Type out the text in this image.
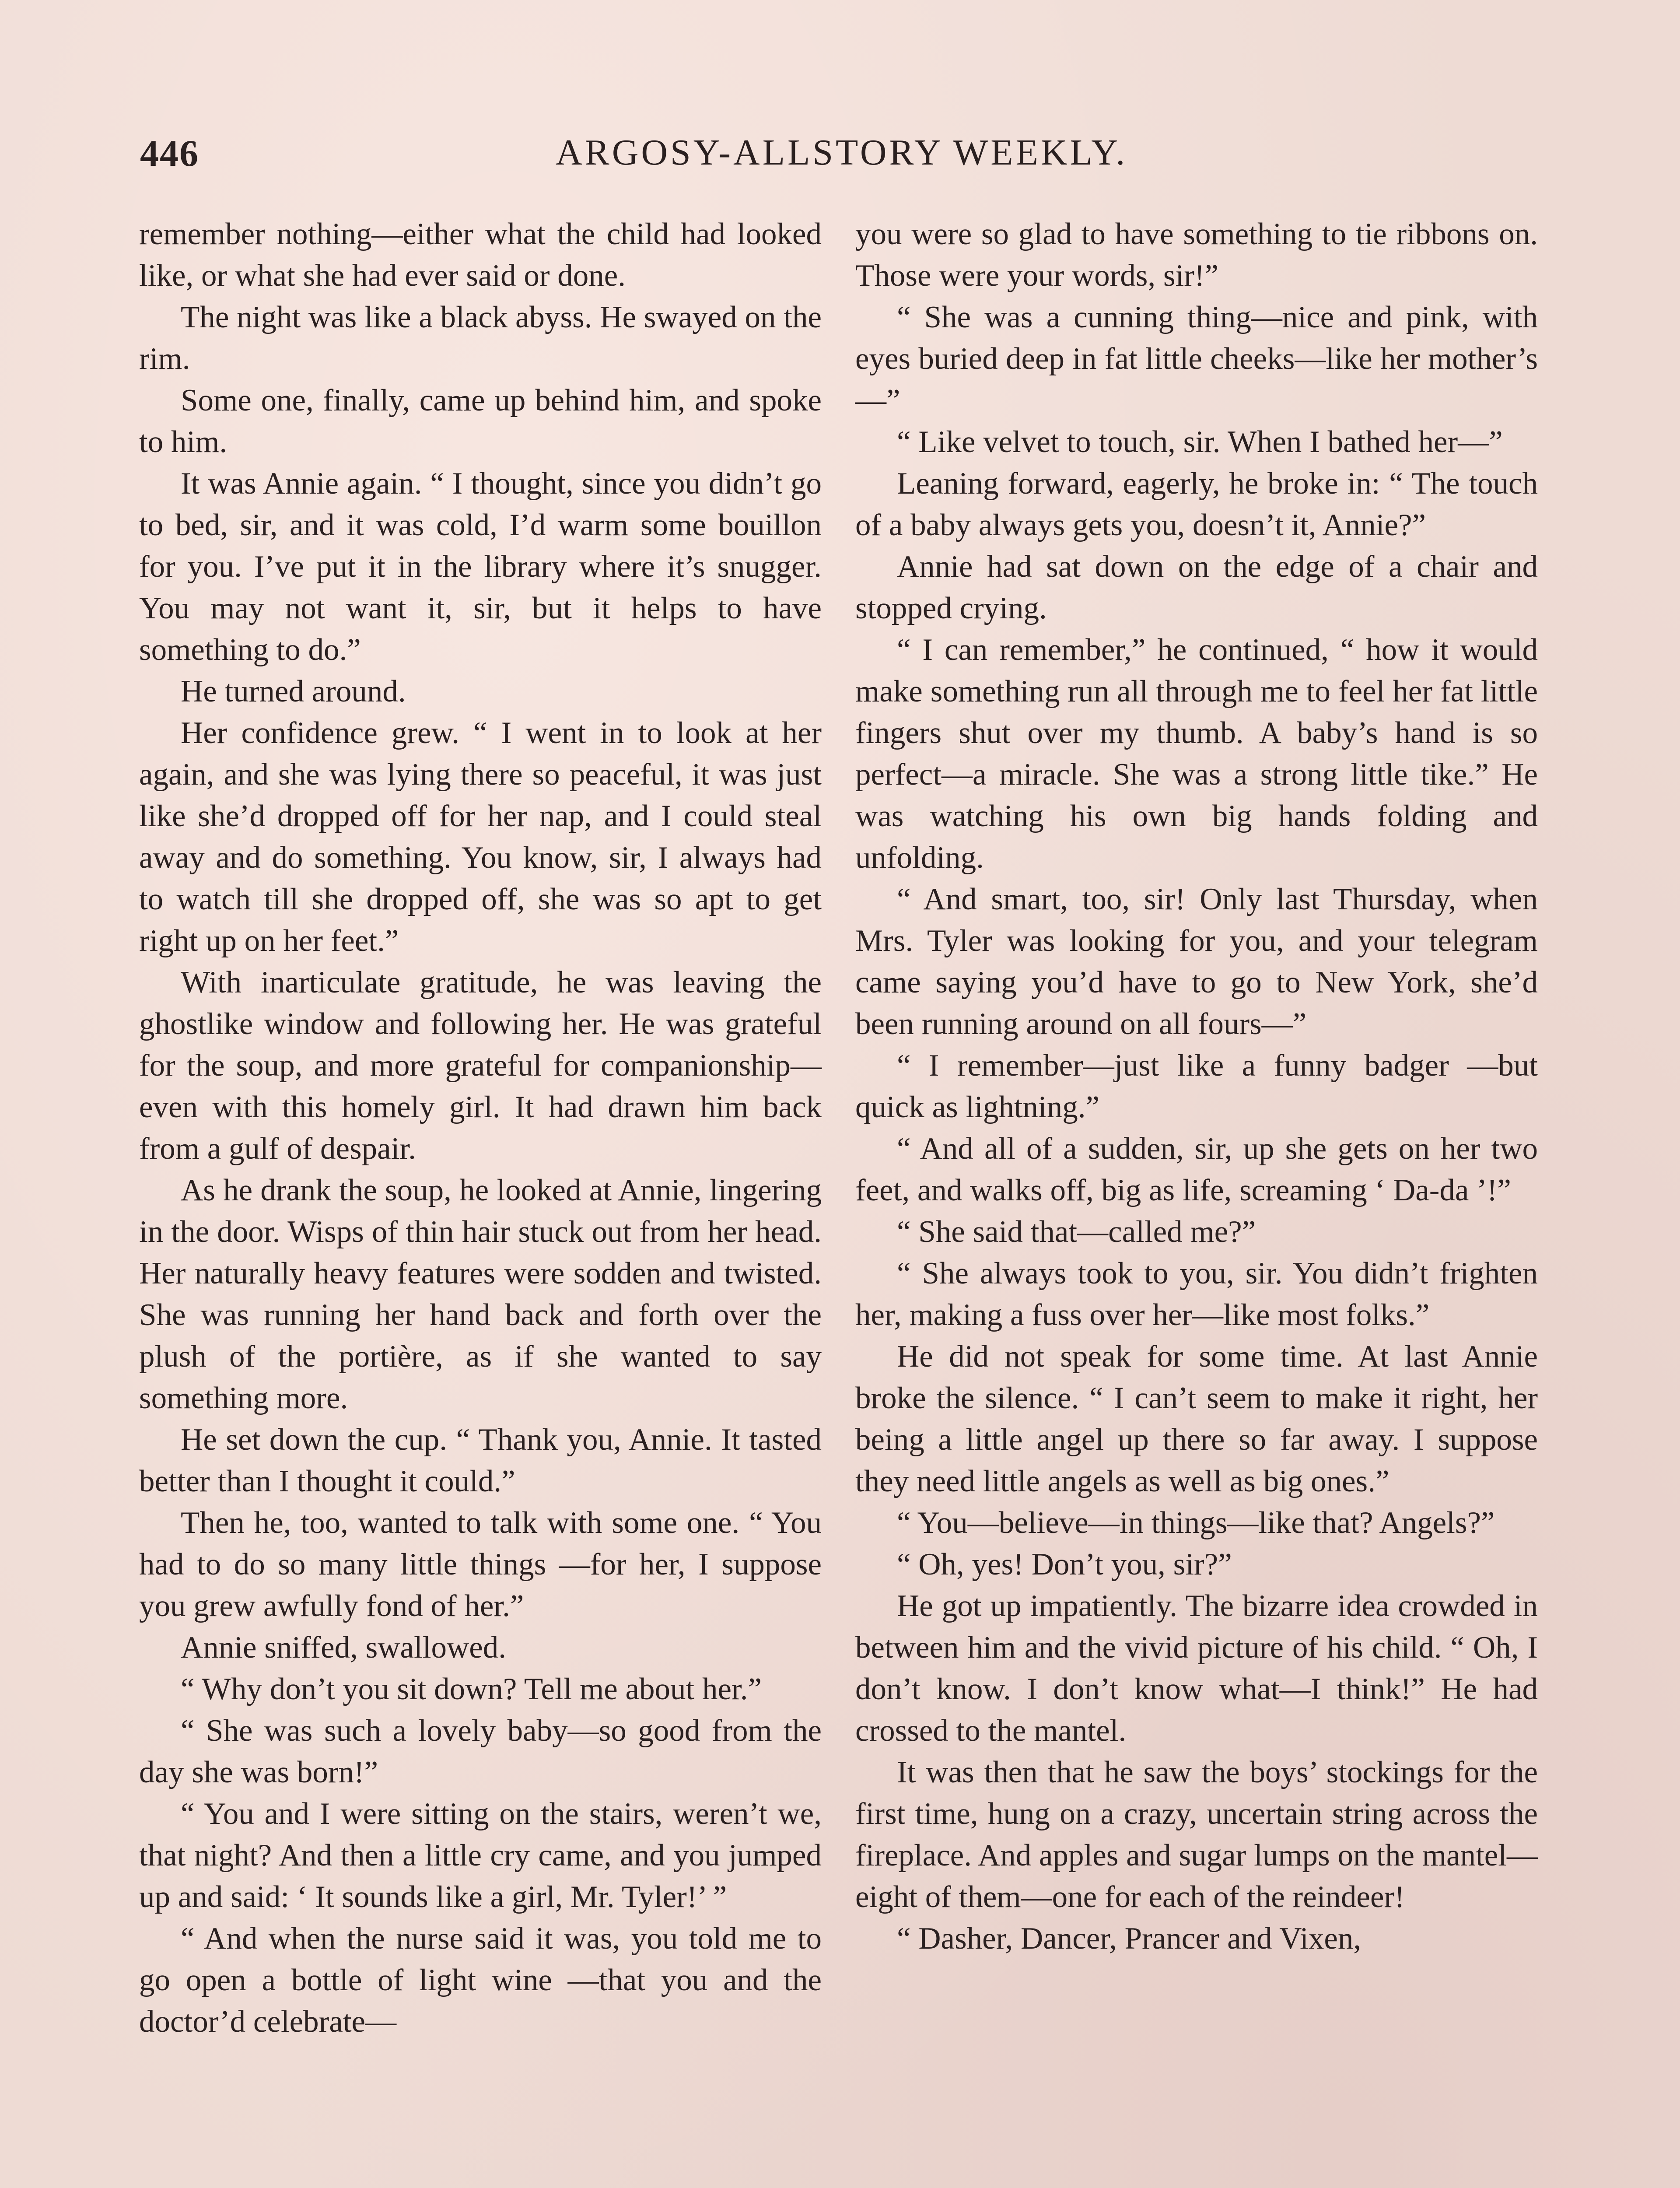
446	ARGOSY-ALLSTORY WEEKLY.

remember nothing—either what the child had looked like, or what she had ever said or done.

The night was like a black abyss. He swayed on the rim.

Some one, finally, came up behind him, and spoke to him.

It was Annie again. “ I thought, since you didn’t go to bed, sir, and it was cold, I’d warm some bouillon for you. I’ve put it in the library where it’s snugger. You may not want it, sir, but it helps to have something to do.”

He turned around.

Her confidence grew. “ I went in to look at her again, and she was lying there so peaceful, it was just like she’d dropped off for her nap, and I could steal away and do something. You know, sir, I always had to watch till she dropped off, she was so apt to get right up on her feet.”

With inarticulate gratitude, he was leaving the ghostlike window and following her. He was grateful for the soup, and more grateful for companionship—even with this homely girl. It had drawn him back from a gulf of despair.

As he drank the soup, he looked at Annie, lingering in the door. Wisps of thin hair stuck out from her head. Her naturally heavy features were sodden and twisted. She was running her hand back and forth over the plush of the portière, as if she wanted to say something more.

He set down the cup. “ Thank you, Annie. It tasted better than I thought it could.”

Then he, too, wanted to talk with some one. “ You had to do so many little things —for her, I suppose you grew awfully fond of her.”

Annie sniffed, swallowed.

“ Why don’t you sit down? Tell me about her.”

“ She was such a lovely baby—so good from the day she was born!”

“ You and I were sitting on the stairs, weren’t we, that night? And then a little cry came, and you jumped up and said: ‘ It sounds like a girl, Mr. Tyler!’ ”

“ And when the nurse said it was, you told me to go open a bottle of light wine —that you and the doctor’d celebrate—

you were so glad to have something to tie ribbons on. Those were your words, sir!”

“ She was a cunning thing—nice and pink, with eyes buried deep in fat little cheeks—like her mother’s—”

“ Like velvet to touch, sir. When I bathed her—”

Leaning forward, eagerly, he broke in: “ The touch of a baby always gets you, doesn’t it, Annie?”

Annie had sat down on the edge of a chair and stopped crying.

“ I can remember,” he continued, “ how it would make something run all through me to feel her fat little fingers shut over my thumb. A baby’s hand is so perfect—a miracle. She was a strong little tike.” He was watching his own big hands folding and unfolding.

“ And smart, too, sir! Only last Thursday, when Mrs. Tyler was looking for you, and your telegram came saying you’d have to go to New York, she’d been running around on all fours—”

“ I remember—just like a funny badger —but quick as lightning.”

“ And all of a sudden, sir, up she gets on her two feet, and walks off, big as life, screaming ‘ Da-da ’!”

“ She said that—called me?”

“ She always took to you, sir. You didn’t frighten her, making a fuss over her—like most folks.”

He did not speak for some time. At last Annie broke the silence. “ I can’t seem to make it right, her being a little angel up there so far away. I suppose they need little angels as well as big ones.”

“ You—believe—in things—like that? Angels?”

“ Oh, yes! Don’t you, sir?”

He got up impatiently. The bizarre idea crowded in between him and the vivid picture of his child. “ Oh, I don’t know. I don’t know what—I think!” He had crossed to the mantel.

It was then that he saw the boys’ stockings for the first time, hung on a crazy, uncertain string across the fireplace. And apples and sugar lumps on the mantel—eight of them—one for each of the reindeer!

“ Dasher, Dancer, Prancer and Vixen,
